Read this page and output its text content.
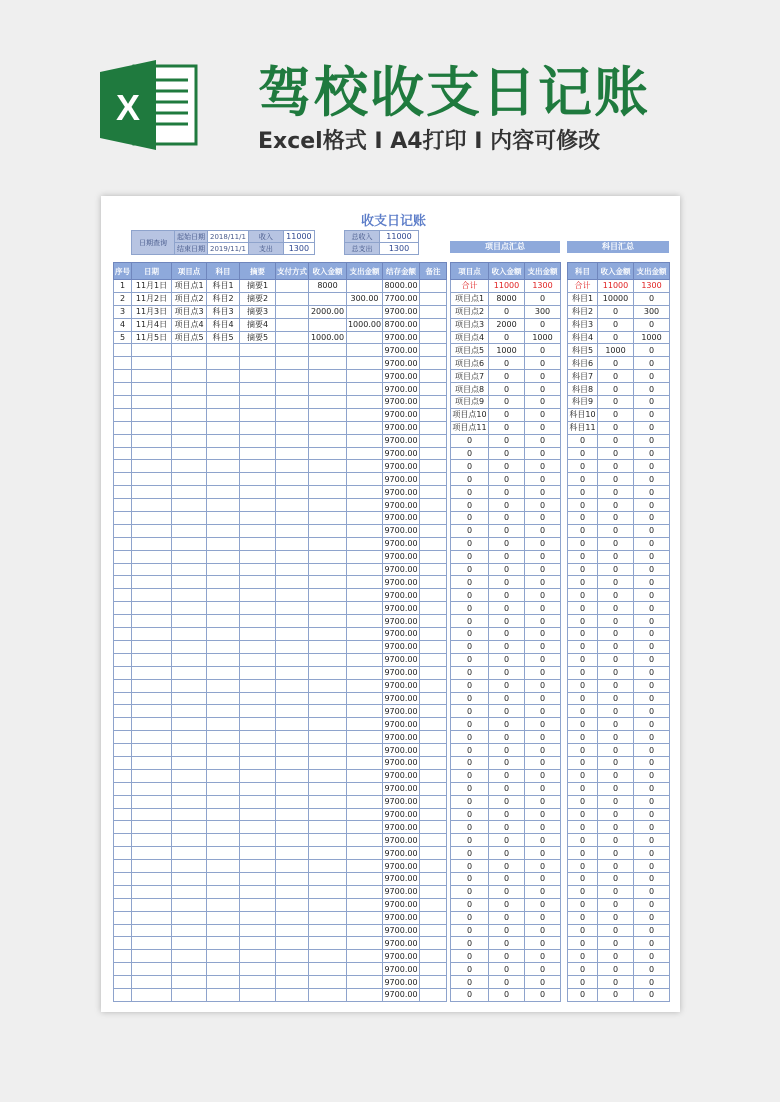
X 驾校收支日记账
Excel格式 I A4打印 I 内容可修改
收支日记账
日期查询	起始日期	2018/11/1	收入	11000
	结束日期	2019/11/1	支出	1300
总收入	11000
总支出	1300	项目点汇总	科目汇总
序号	日期	项目点	科目	摘要	支付方式	收入金额	支出金额	结存金额	备注
1	11月1日	项目点1	科目1	摘要1		8000		8000.00	
2	11月2日	项目点2	科目2	摘要2			300.00	7700.00	
3	11月3日	项目点3	科目3	摘要3		2000.00		9700.00	
4	11月4日	项目点4	科目4	摘要4			1000.00	8700.00	
5	11月5日	项目点5	科目5	摘要5		1000.00		9700.00	
								9700.00	
								9700.00	
								9700.00	
								9700.00	
								9700.00	
								9700.00	
								9700.00	
								9700.00	
								9700.00	
								9700.00	
								9700.00	
								9700.00	
								9700.00	
								9700.00	
								9700.00	
								9700.00	
								9700.00	
								9700.00	
								9700.00	
								9700.00	
								9700.00	
								9700.00	
								9700.00	
								9700.00	
								9700.00	
								9700.00	
								9700.00	
								9700.00	
								9700.00	
								9700.00	
								9700.00	
								9700.00	
								9700.00	
								9700.00	
								9700.00	
								9700.00	
								9700.00	
								9700.00	
								9700.00	
								9700.00	
								9700.00	
								9700.00	
								9700.00	
								9700.00	
								9700.00	
								9700.00	
								9700.00	
								9700.00	
								9700.00	
								9700.00	
								9700.00	
项目点	收入金额	支出金额
合计	11000	1300
项目点1	8000	0
项目点2	0	300
项目点3	2000	0
项目点4	0	1000
项目点5	1000	0
项目点6	0	0
项目点7	0	0
项目点8	0	0
项目点9	0	0
项目点10	0	0
项目点11	0	0
0	0	0
0	0	0
0	0	0
0	0	0
0	0	0
0	0	0
0	0	0
0	0	0
0	0	0
0	0	0
0	0	0
0	0	0
0	0	0
0	0	0
0	0	0
0	0	0
0	0	0
0	0	0
0	0	0
0	0	0
0	0	0
0	0	0
0	0	0
0	0	0
0	0	0
0	0	0
0	0	0
0	0	0
0	0	0
0	0	0
0	0	0
0	0	0
0	0	0
0	0	0
0	0	0
0	0	0
0	0	0
0	0	0
0	0	0
0	0	0
0	0	0
0	0	0
0	0	0
0	0	0
科目	收入金额	支出金额
合计	11000	1300
科目1	10000	0
科目2	0	300
科目3	0	0
科目4	0	1000
科目5	1000	0
科目6	0	0
科目7	0	0
科目8	0	0
科目9	0	0
科目10	0	0
科目11	0	0
0	0	0
0	0	0
0	0	0
0	0	0
0	0	0
0	0	0
0	0	0
0	0	0
0	0	0
0	0	0
0	0	0
0	0	0
0	0	0
0	0	0
0	0	0
0	0	0
0	0	0
0	0	0
0	0	0
0	0	0
0	0	0
0	0	0
0	0	0
0	0	0
0	0	0
0	0	0
0	0	0
0	0	0
0	0	0
0	0	0
0	0	0
0	0	0
0	0	0
0	0	0
0	0	0
0	0	0
0	0	0
0	0	0
0	0	0
0	0	0
0	0	0
0	0	0
0	0	0
0	0	0
